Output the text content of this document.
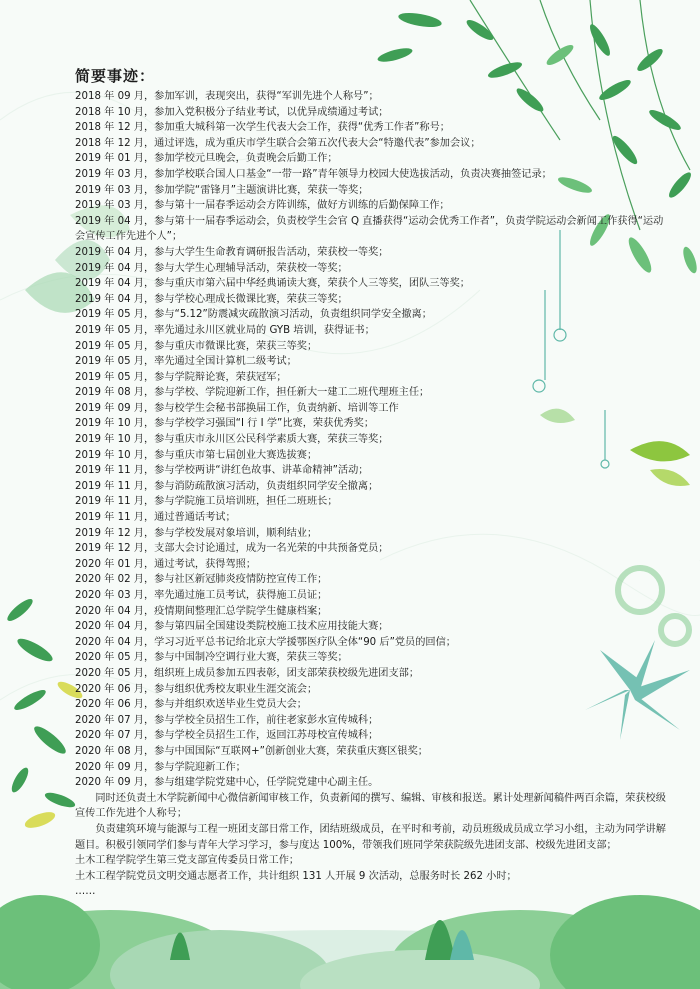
简要事迹：
2018 年 09 月，参加军训，表现突出，获得“军训先进个人称号”；
2018 年 10 月，参加入党积极分子结业考试，以优异成绩通过考试；
2018 年 12 月，参加重大城科第一次学生代表大会工作，获得“优秀工作者”称号；
2018 年 12 月，通过评选，成为重庆市学生联合会第五次代表大会“特邀代表”参加会议；
2019 年 01 月，参加学校元旦晚会，负责晚会后勤工作；
2019 年 03 月，参加学校联合国人口基金“一带一路”青年领导力校园大使选拔活动，负责决赛抽签记录；
2019 年 03 月，参加学院“雷锋月”主题演讲比赛，荣获一等奖；
2019 年 03 月，参与第十一届春季运动会方阵训练，做好方训练的后勤保障工作；
2019 年 04 月，参与第十一届春季运动会，负责校学生会官 Q 直播获得“运动会优秀工作者”，负责学院运动会新闻工作获得“运动会宣传工作先进个人”；
2019 年 04 月，参与大学生生命教育调研报告活动，荣获校一等奖；
2019 年 04 月，参与大学生心理辅导活动，荣获校一等奖；
2019 年 04 月，参与重庆市第六届中华经典诵读大赛，荣获个人三等奖，团队三等奖；
2019 年 04 月，参与学校心理成长微课比赛，荣获三等奖；
2019 年 05 月，参与“5.12”防震减灾疏散演习活动，负责组织同学安全撤离；
2019 年 05 月，率先通过永川区就业局的 GYB 培训，获得证书；
2019 年 05 月，参与重庆市微课比赛，荣获三等奖；
2019 年 05 月，率先通过全国计算机二级考试；
2019 年 05 月，参与学院辩论赛，荣获冠军；
2019 年 08 月，参与学校、学院迎新工作，担任新大一建工二班代理班主任；
2019 年 09 月，参与校学生会秘书部换届工作，负责纳新、培训等工作
2019 年 10 月，参与学校学习强国“I 行 I 学”比赛，荣获优秀奖；
2019 年 10 月，参与重庆市永川区公民科学素质大赛，荣获三等奖；
2019 年 10 月，参与重庆市第七届创业大赛选拔赛；
2019 年 11 月，参与学校两讲“讲红色故事、讲革命精神”活动；
2019 年 11 月，参与消防疏散演习活动，负责组织同学安全撤离；
2019 年 11 月，参与学院施工员培训班，担任二班班长；
2019 年 11 月，通过普通话考试；
2019 年 12 月，参与学校发展对象培训，顺利结业；
2019 年 12 月，支部大会讨论通过，成为一名光荣的中共预备党员；
2020 年 01 月，通过考试，获得驾照；
2020 年 02 月，参与社区新冠肺炎疫情防控宣传工作；
2020 年 03 月，率先通过施工员考试，获得施工员证；
2020 年 04 月，疫情期间整理汇总学院学生健康档案；
2020 年 04 月，参与第四届全国建设类院校施工技术应用技能大赛；
2020 年 04 月，学习习近平总书记给北京大学援鄂医疗队全体“90 后”党员的回信；
2020 年 05 月，参与中国制冷空调行业大赛，荣获三等奖；
2020 年 05 月，组织班上成员参加五四表彰，团支部荣获校级先进团支部；
2020 年 06 月，参与组织优秀校友职业生涯交流会；
2020 年 06 月，参与并组织欢送毕业生党员大会；
2020 年 07 月，参与学校全员招生工作，前往老家彭水宣传城科；
2020 年 07 月，参与学校全员招生工作，返回江苏母校宣传城科；
2020 年 08 月，参与中国国际“互联网+”创新创业大赛，荣获重庆赛区银奖；
2020 年 09 月，参与学院迎新工作；
2020 年 09 月，参与组建学院党建中心，任学院党建中心副主任。
同时还负责土木学院新闻中心微信新闻审核工作，负责新闻的撰写、编辑、审核和报送。累计处理新闻稿件两百余篇，荣获校级宣传工作先进个人称号；
负责建筑环境与能源与工程一班团支部日常工作，团结班级成员，在平时和考前，动员班级成员成立学习小组，主动为同学讲解题目。积极引领同学们参与青年大学习学习，参与度达 100%，带领我们班同学荣获院级先进团支部、校级先进团支部；
土木工程学院学生第三党支部宣传委员日常工作；
土木工程学院党员文明交通志愿者工作，共计组织 131 人开展 9 次活动，总服务时长 262 小时；
……
